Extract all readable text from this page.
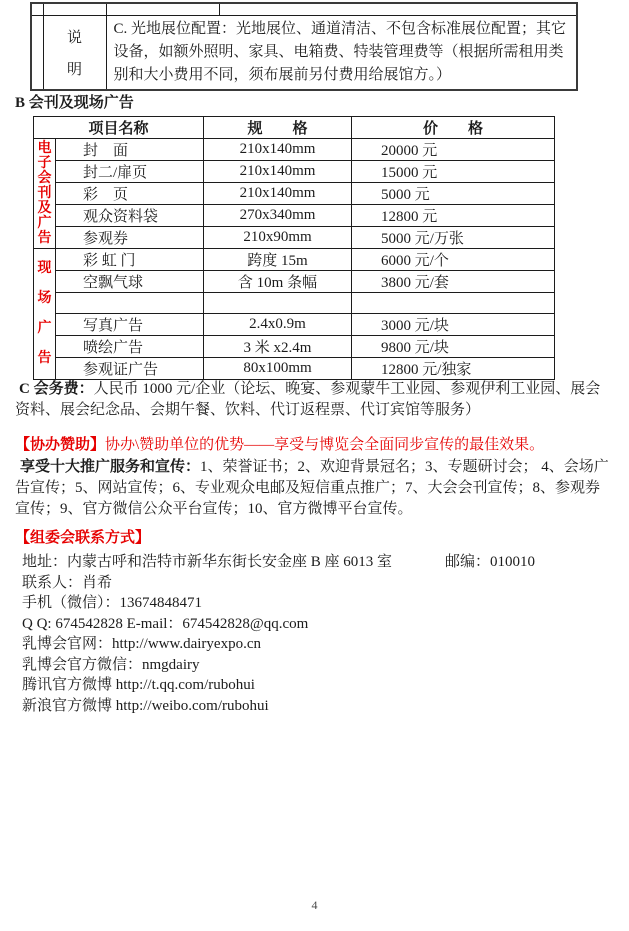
	说
明	C. 光地展位配置：光地展位、通道清洁、不包含标准展位配置；其它设备，如额外照明、家具、电箱费、特装管理费等（根据所需租用类别和大小费用不同，须布展前另付费用给展馆方。）	
B 会刊及现场广告
项目名称		规　　格	价　　格

电子会刊及广告	封　面	210x140mm	20000 元
	封二/扉页	210x140mm	15000 元
	彩　页	210x140mm	5000 元
	观众资料袋	270x340mm	12800 元
	参观券	210x90mm	5000 元/万张

现场广告	彩 虹 门	跨度 15m	6000 元/个
	空飘气球	含 10m 条幅	3800 元/套

	写真广告	2.4x0.9m	3000 元/块
	喷绘广告	3 米 x2.4m	9800 元/块
	参观证广告	80x100mm	12800 元/独家
C 会务费：人民币 1000 元/企业（论坛、晚宴、参观蒙牛工业园、参观伊利工业园、展会资料、展会纪念品、会期午餐、饮料、代订返程票、代订宾馆等服务）
【协办赞助】协办\赞助单位的优势——享受与博览会全面同步宣传的最佳效果。
享受十大推广服务和宣传：1、荣誉证书；2、欢迎背景冠名；3、专题研讨会； 4、会场广告宣传；5、网站宣传；6、专业观众电邮及短信重点推广；7、大会会刊宣传；8、参观券宣传；9、官方微信公众平台宣传；10、官方微博平台宣传。
【组委会联系方式】
地址：内蒙古呼和浩特市新华东街长安金座 B 座 6013 室	邮编：010010
联系人：肖希
手机（微信）：13674848471
Q Q: 674542828 E-mail：674542828@qq.com
乳博会官网：http://www.dairyexpo.cn
乳博会官方微信：nmgdairy
腾讯官方微博 http://t.qq.com/rubohui
新浪官方微博 http://weibo.com/rubohui
4
